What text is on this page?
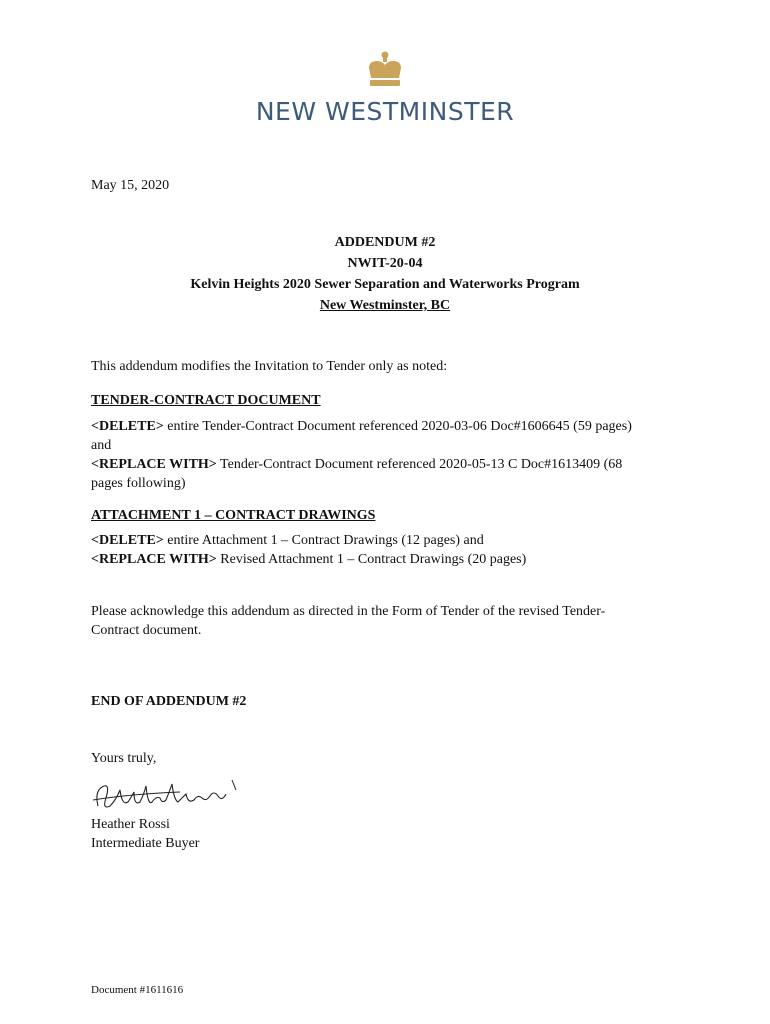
NEW WESTMINSTER
May 15, 2020
ADDENDUM #2
NWIT-20-04
Kelvin Heights 2020 Sewer Separation and Waterworks Program
New Westminster, BC
This addendum modifies the Invitation to Tender only as noted:
TENDER-CONTRACT DOCUMENT
<DELETE> entire Tender-Contract Document referenced 2020-03-06 Doc#1606645 (59 pages)
and
<REPLACE WITH> Tender-Contract Document referenced 2020-05-13 C Doc#1613409 (68
pages following)
ATTACHMENT 1 – CONTRACT DRAWINGS
<DELETE> entire Attachment 1 – Contract Drawings (12 pages) and
<REPLACE WITH> Revised Attachment 1 – Contract Drawings (20 pages)
Please acknowledge this addendum as directed in the Form of Tender of the revised Tender-
Contract document.
END OF ADDENDUM #2
Yours truly,
Heather Rossi
Intermediate Buyer
Document #1611616
